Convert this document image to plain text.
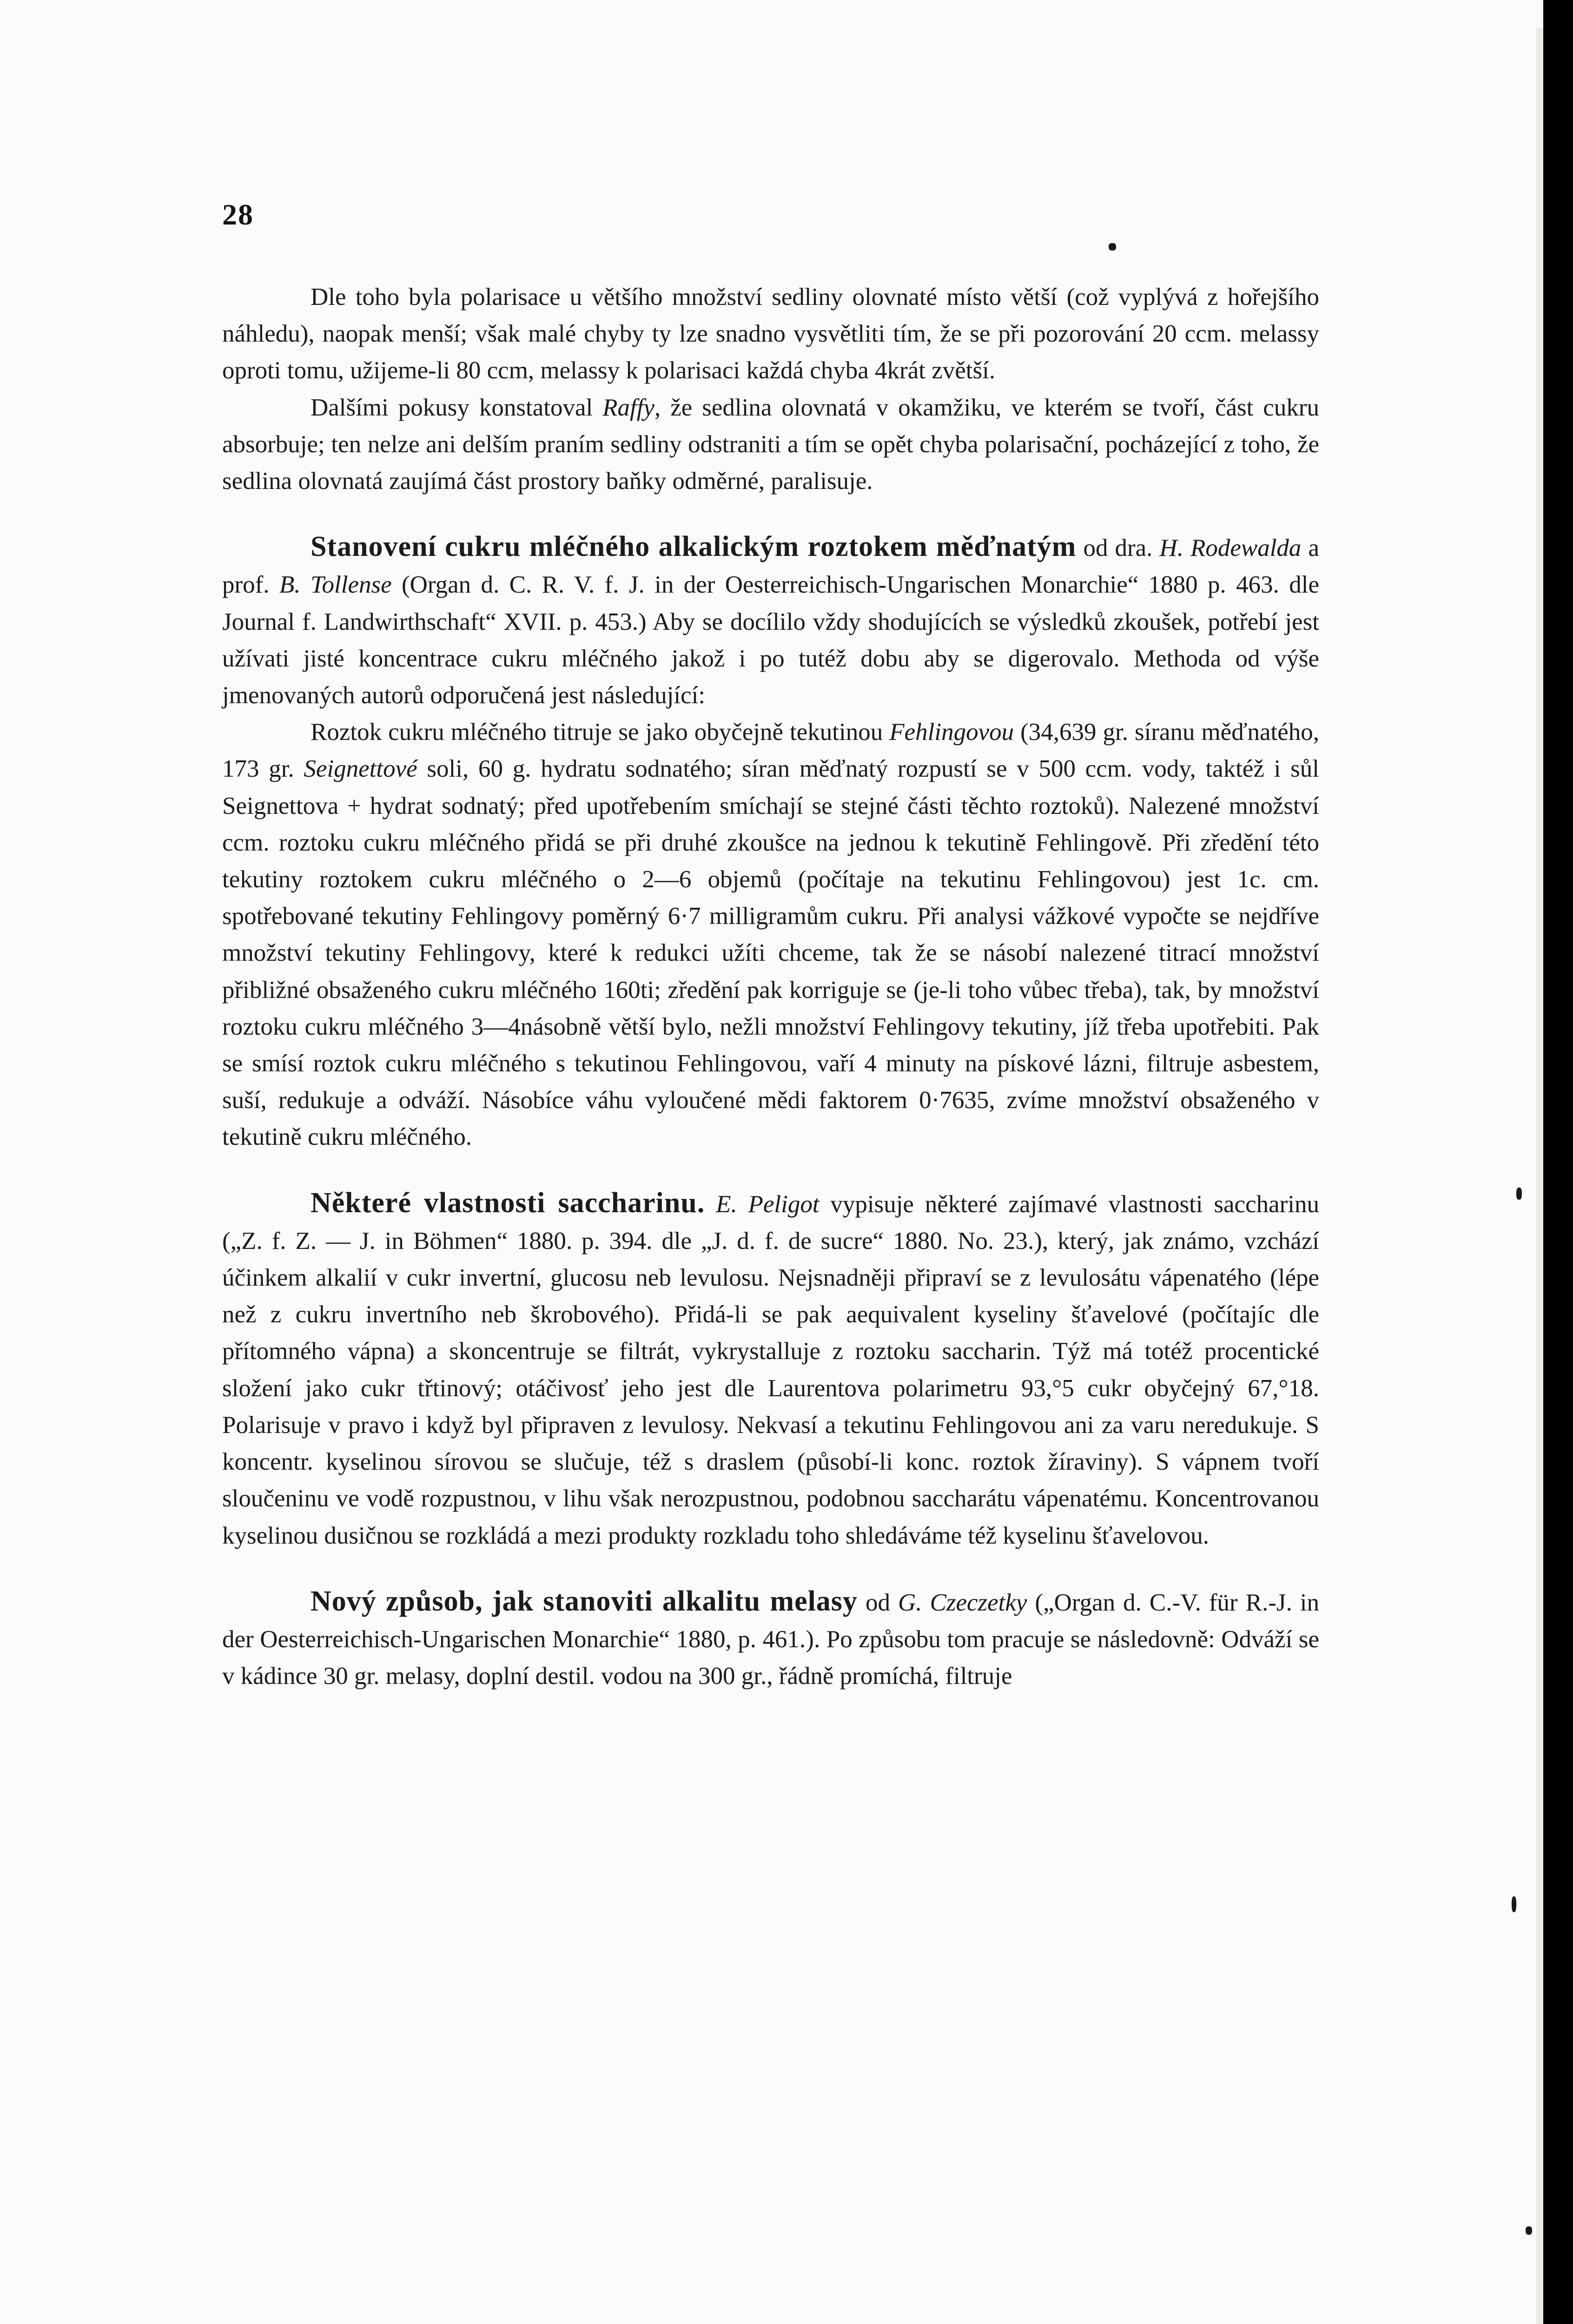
28

Dle toho byla polarisace u většího množství sedliny olovnaté místo větší (což vyplývá z hořejšího náhledu), naopak menší; však malé chyby ty lze snadno vysvětliti tím, že se při pozorování 20 ccm. melassy oproti tomu, užijeme-li 80 ccm, melassy k polarisaci každá chyba 4krát zvětší.

Dalšími pokusy konstatoval Raffy, že sedlina olovnatá v okamžiku, ve kterém se tvoří, část cukru absorbuje; ten nelze ani delším praním sedliny odstraniti a tím se opět chyba polarisační, pocházející z toho, že sedlina olovnatá zaujímá část prostory baňky odměrné, paralisuje.

Stanovení cukru mléčného alkalickým roztokem měďnatým od dra. H. Rodewalda a prof. B. Tollense (Organ d. C. R. V. f. J. in der Oesterreichisch-Ungarischen Monarchie“ 1880 p. 463. dle Journal f. Landwirthschaft“ XVII. p. 453.) Aby se docílilo vždy shodujících se výsledků zkoušek, potřebí jest užívati jisté koncentrace cukru mléčného jakož i po tutéž dobu aby se digerovalo. Methoda od výše jmenovaných autorů odporučená jest následující:

Roztok cukru mléčného titruje se jako obyčejně tekutinou Fehlingovou (34,639 gr. síranu měďnatého, 173 gr. Seignettové soli, 60 g. hydratu sodnatého; síran měďnatý rozpustí se v 500 ccm. vody, taktéž i sůl Seignettova + hydrat sodnatý; před upotřebením smíchají se stejné části těchto roztoků). Nalezené množství ccm. roztoku cukru mléčného přidá se při druhé zkoušce na jednou k tekutině Fehlingově. Při zředění této tekutiny roztokem cukru mléčného o 2—6 objemů (počítaje na tekutinu Fehlingovou) jest 1c. cm. spotřebované tekutiny Fehlingovy poměrný 6·7 milligramům cukru. Při analysi vážkové vypočte se nejdříve množství tekutiny Fehlingovy, které k redukci užíti chceme, tak že se násobí nalezené titrací množství přibližné obsaženého cukru mléčného 160ti; zředění pak korriguje se (je-li toho vůbec třeba), tak, by množství roztoku cukru mléčného 3—4násobně větší bylo, nežli množství Fehlingovy tekutiny, jíž třeba upotřebiti. Pak se smísí roztok cukru mléčného s tekutinou Fehlingovou, vaří 4 minuty na pískové lázni, filtruje asbestem, suší, redukuje a odváží. Násobíce váhu vyloučené mědi faktorem 0·7635, zvíme množství obsaženého v tekutině cukru mléčného.

Některé vlastnosti saccharinu. E. Peligot vypisuje některé zajímavé vlastnosti saccharinu („Z. f. Z. — J. in Böhmen“ 1880. p. 394. dle „J. d. f. de sucre“ 1880. No. 23.), který, jak známo, vzchází účinkem alkalií v cukr invertní, glucosu neb levulosu. Nejsnadněji připraví se z levulosátu vápenatého (lépe než z cukru invertního neb škrobového). Přidá-li se pak aequivalent kyseliny šťavelové (počítajíc dle přítomného vápna) a skoncentruje se filtrát, vykrystalluje z roztoku saccharin. Týž má totéž procentické složení jako cukr třtinový; otáčivosť jeho jest dle Laurentova polarimetru 93,°5 cukr obyčejný 67,°18. Polarisuje v pravo i když byl připraven z levulosy. Nekvasí a tekutinu Fehlingovou ani za varu neredukuje. S koncentr. kyselinou sírovou se slučuje, též s draslem (působí-li konc. roztok žíraviny). S vápnem tvoří sloučeninu ve vodě rozpustnou, v lihu však nerozpustnou, podobnou saccharátu vápenatému. Koncentrovanou kyselinou dusičnou se rozkládá a mezi produkty rozkladu toho shledáváme též kyselinu šťavelovou.

Nový způsob, jak stanoviti alkalitu melasy od G. Czeczetky („Organ d. C.-V. für R.-J. in der Oesterreichisch-Ungarischen Monarchie“ 1880, p. 461.). Po způsobu tom pracuje se následovně: Odváží se v kádince 30 gr. melasy, doplní destil. vodou na 300 gr., řádně promíchá, filtruje
